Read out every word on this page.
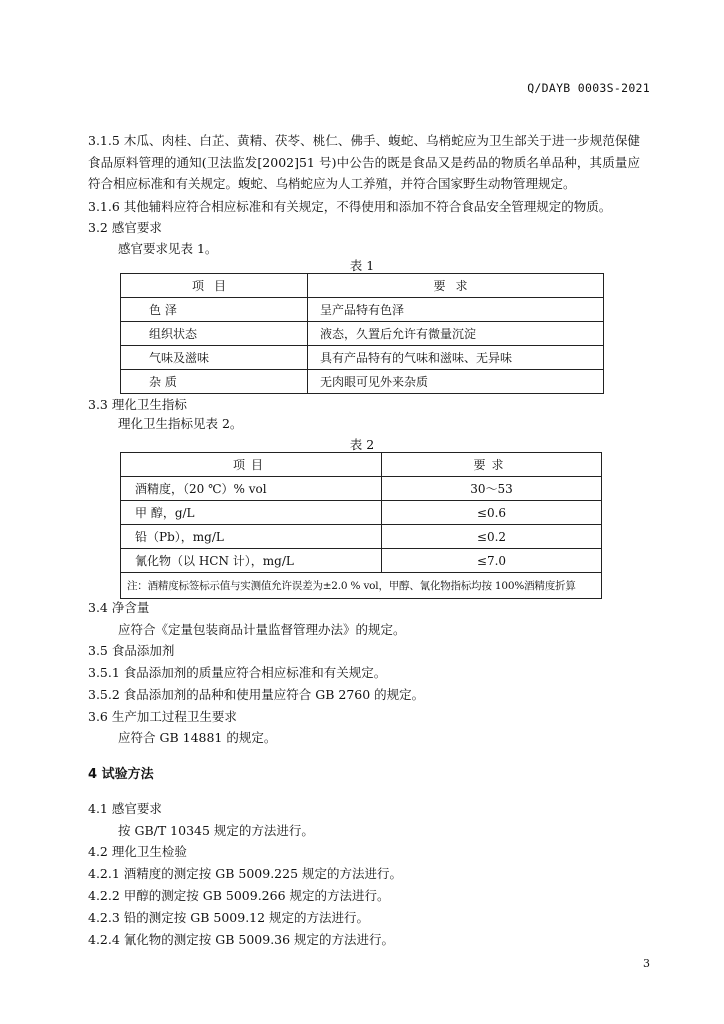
Q/DAYB 0003S-2021
3.1.5 木瓜、肉桂、白芷、黄精、茯苓、桃仁、佛手、蝮蛇、乌梢蛇应为卫生部关于进一步规范保健食品原料管理的通知(卫法监发[2002]51 号)中公告的既是食品又是药品的物质名单品种，其质量应符合相应标准和有关规定。蝮蛇、乌梢蛇应为人工养殖，并符合国家野生动物管理规定。
3.1.6 其他辅料应符合相应标准和有关规定，不得使用和添加不符合食品安全管理规定的物质。
3.2 感官要求
感官要求见表 1。
表 1
项目	要求
色 泽	呈产品特有色泽
组织状态	液态，久置后允许有微量沉淀
气味及滋味	具有产品特有的气味和滋味、无异味
杂 质	无肉眼可见外来杂质
3.3 理化卫生指标
理化卫生指标见表 2。
表 2
项目	要求
酒精度，（20 ℃）% vol	30～53
甲 醇，g/L	≤0.6
铅（Pb），mg/L	≤0.2
氰化物（以 HCN 计），mg/L	≤7.0
注：酒精度标签标示值与实测值允许误差为±2.0 % vol，甲醇、氰化物指标均按 100%酒精度折算	
3.4 净含量
应符合《定量包装商品计量监督管理办法》的规定。
3.5 食品添加剂
3.5.1 食品添加剂的质量应符合相应标准和有关规定。
3.5.2 食品添加剂的品种和使用量应符合 GB 2760 的规定。
3.6 生产加工过程卫生要求
应符合 GB 14881 的规定。
4 试验方法
4.1 感官要求
按 GB/T 10345 规定的方法进行。
4.2 理化卫生检验
4.2.1 酒精度的测定按 GB 5009.225 规定的方法进行。
4.2.2 甲醇的测定按 GB 5009.266 规定的方法进行。
4.2.3 铅的测定按 GB 5009.12 规定的方法进行。
4.2.4 氰化物的测定按 GB 5009.36 规定的方法进行。
3
